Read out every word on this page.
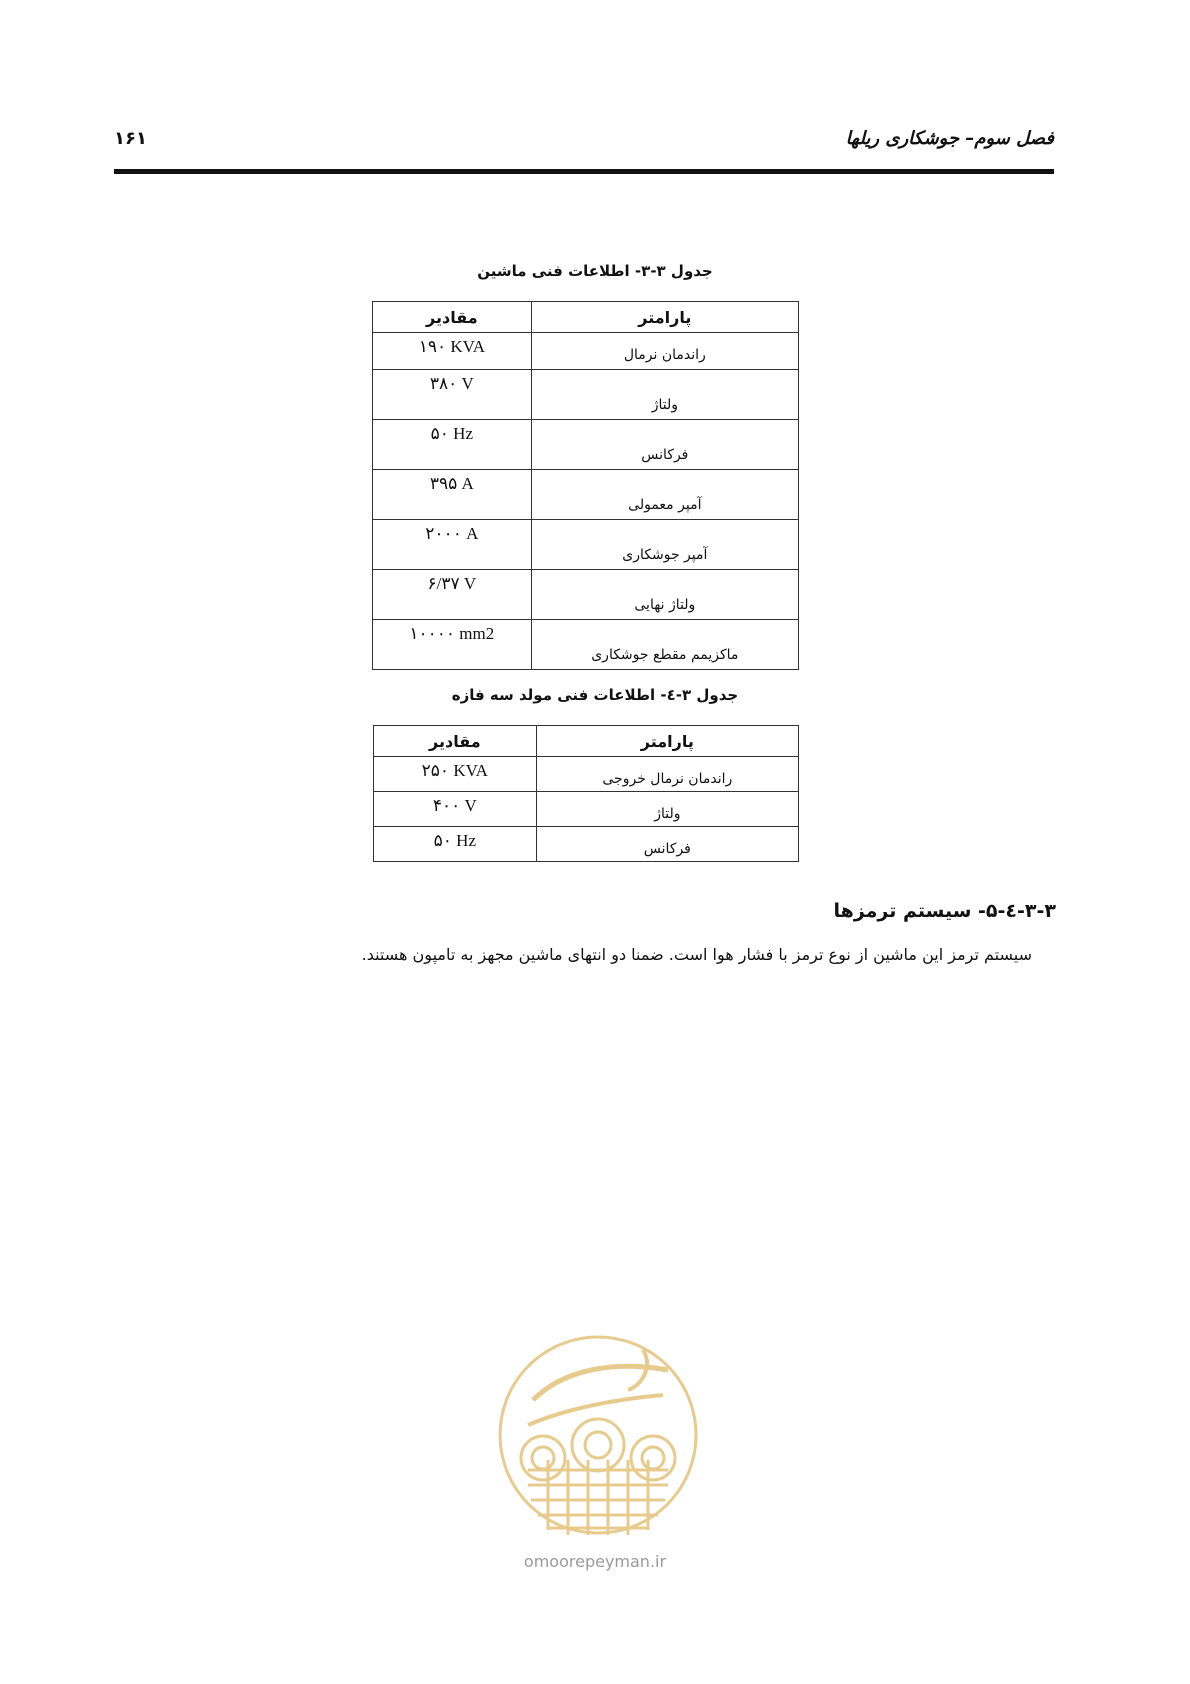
فصل سوم– جوشکاری ریلها
۱۶۱
جدول ۳-۳- اطلاعات فنی ماشین
پارامتر	مقادیر
راندمان نرمال	۱۹۰ KVA
ولتاژ	۳۸۰ V
فرکانس	۵۰ Hz
آمپر معمولی	۳۹۵ A
آمپر جوشکاری	۲۰۰۰ A
ولتاژ نهایی	۶/۳۷ V
ماکزیمم مقطع جوشکاری	۱۰۰۰۰ mm2
جدول ۳-٤- اطلاعات فنی مولد سه فازه
پارامتر	مقادیر
راندمان نرمال خروجی	۲۵۰ KVA
ولتاژ	۴۰۰ V
فرکانس	۵۰ Hz
۳-۳-٤-۵- سیستم ترمزها
سیستم ترمز این ماشین از نوع ترمز با فشار هوا است. ضمنا دو انتهای ماشین مجهز به تامپون هستند.
omoorepeyman.ir
